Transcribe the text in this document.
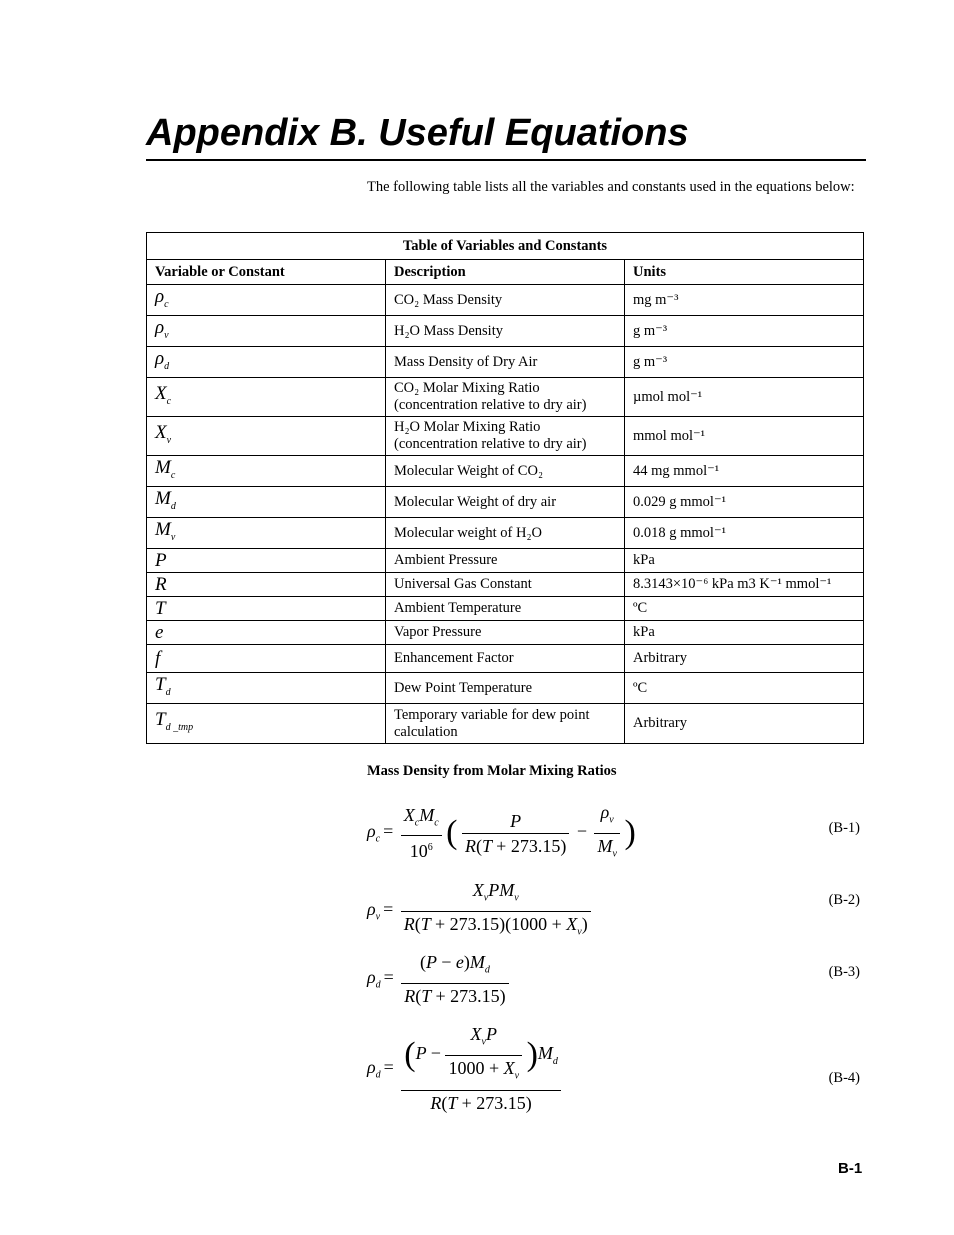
Appendix B. Useful Equations

The following table lists all the variables and constants used in the equations below:

Table of Variables and Constants		
Variable or Constant	Description	Units
$\rho_c$	CO₂ Mass Density	mg m⁻³
$\rho_v$	H₂O Mass Density	g m⁻³
$\rho_d$	Mass Density of Dry Air	g m⁻³
$X_c$	CO₂ Molar Mixing Ratio (concentration relative to dry air)	µmol mol⁻¹
$X_v$	H₂O Molar Mixing Ratio (concentration relative to dry air)	mmol mol⁻¹
$M_c$	Molecular Weight of CO₂	44 mg mmol⁻¹
$M_d$	Molecular Weight of dry air	0.029 g mmol⁻¹
$M_v$	Molecular weight of H₂O	0.018 g mmol⁻¹
P	Ambient Pressure	kPa
R	Universal Gas Constant	8.3143×10⁻⁶ kPa m3 K⁻¹ mmol⁻¹
T	Ambient Temperature	ºC
e	Vapor Pressure	kPa
f	Enhancement Factor	Arbitrary
$T_d$	Dew Point Temperature	ºC
$T_{d \_tmp}$	Temporary variable for dew point calculation	Arbitrary

Mass Density from Molar Mixing Ratios

$\rho_c = \frac{X_cM_c}{10^6}$ ( $\frac{P}{R(T + 273.15)} - \frac{\rho_v}{M_v}$ )	(B-1)
$\rho_v = \frac{X_vPM_v}{R(T + 273.15)(1000 + X_v)}$	(B-2)
$\rho_d = \frac{(P - e)M_d}{R(T + 273.15)}$	(B-3)
$\rho_d = \frac{(P - \frac{X_vP}{1000 + X_v} )M_d}{R(T + 273.15)}$	(B-4)
B-1
